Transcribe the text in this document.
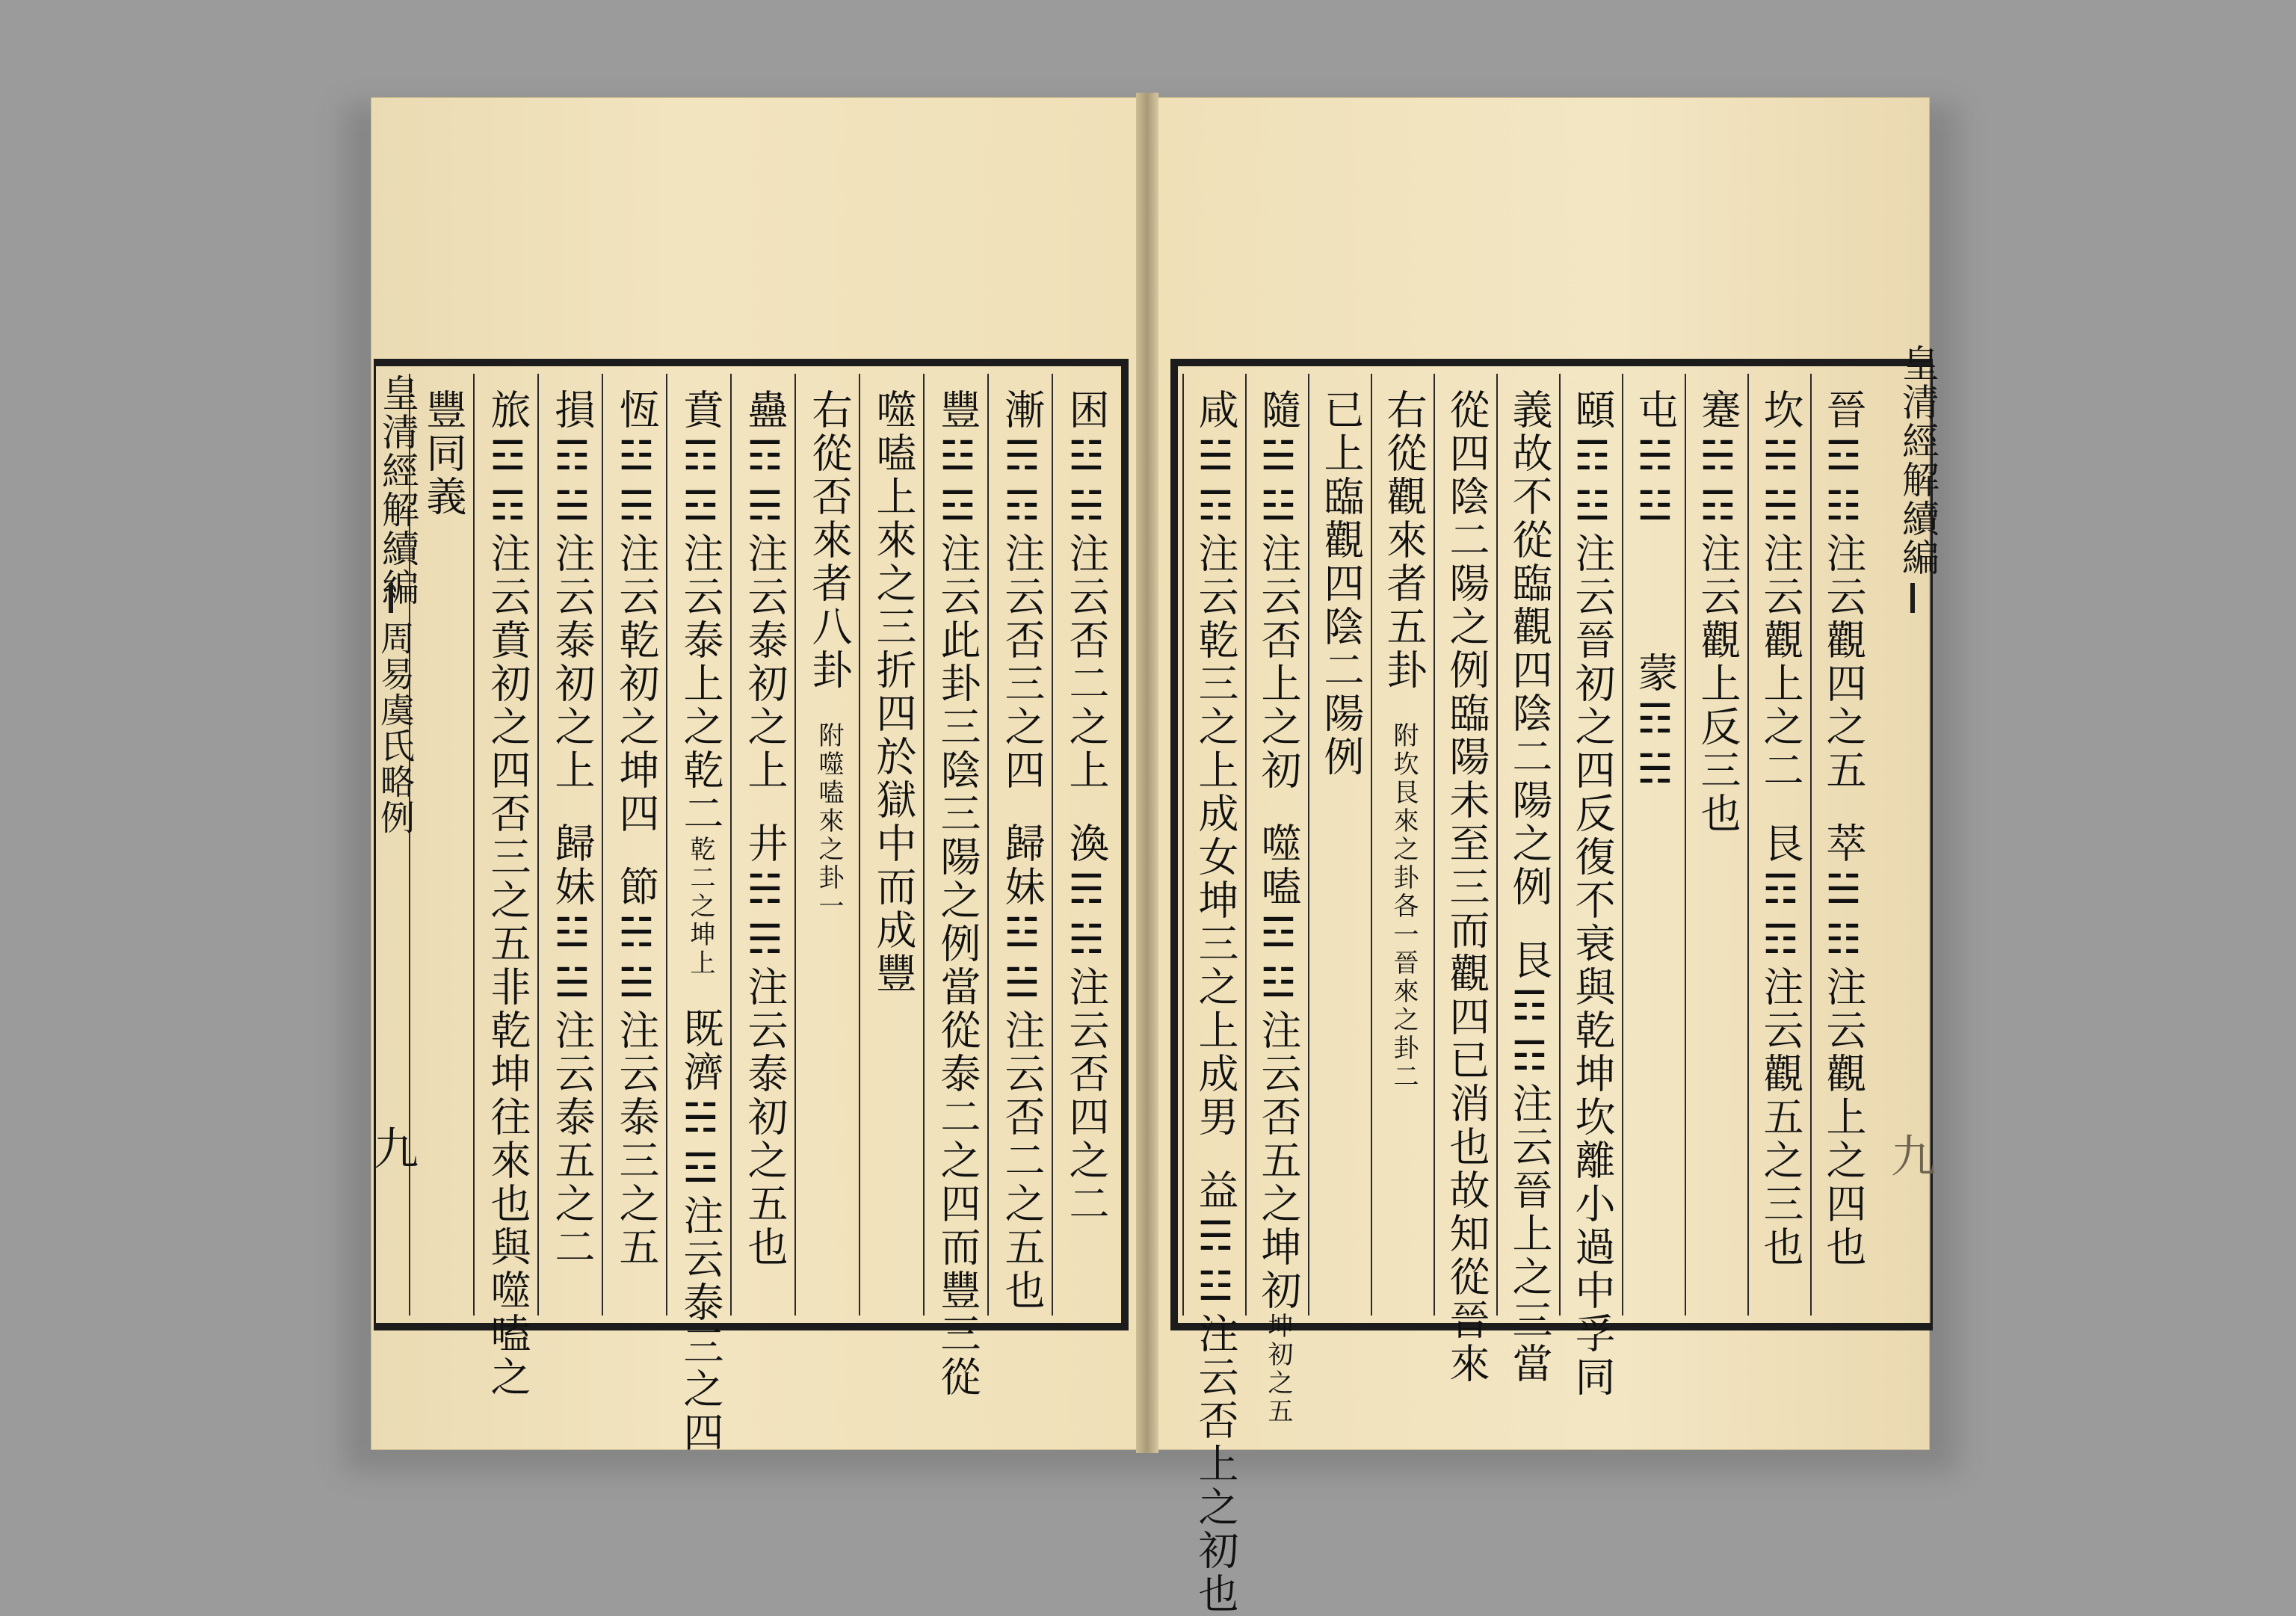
困☳☵注云否二之上渙☴☵注云否四之二
漸☴☶注云否三之四歸妹☳☱注云否二之五也
豐☳☲注云此卦三陰三陽之例當從泰二之四而豐三從
噬嗑上來之三折四於獄中而成豐
右從否來者八卦附噬嗑來之卦一
蠱☶☴注云泰初之上井☵☴注云泰初之五也
賁☶☲注云泰上之乾二乾二之坤上既濟☵☲注云泰三之四
恆☳☴注云乾初之坤四節☵☱注云泰三之五
損☶☱注云泰初之上歸妹☳☱注云泰五之二
旅☲☶注云賁初之四否三之五非乾坤往來也與噬嗑之
豐同義
皇清經解續編
周易虞氏略例
九
晉☲☷注云觀四之五萃☱☷注云觀上之四也
坎☵☵注云觀上之二艮☶☶注云觀五之三也
蹇☵☶注云觀上反三也
屯☵☳蒙☶☵
頤☶☳注云晉初之四反復不衰與乾坤坎離小過中孚同
義故不從臨觀四陰二陽之例艮☶☶注云晉上之三當
從四陰二陽之例臨陽未至三而觀四已消也故知從晉來
右從觀來者五卦附坎艮來之卦各一晉來之卦二
已上臨觀四陰二陽例
隨☱☳注云否上之初噬嗑☲☳注云否五之坤初坤初之五
咸☱☶注云乾三之上成女坤三之上成男益☴☳注云否上之初也
皇清經解續編
九
